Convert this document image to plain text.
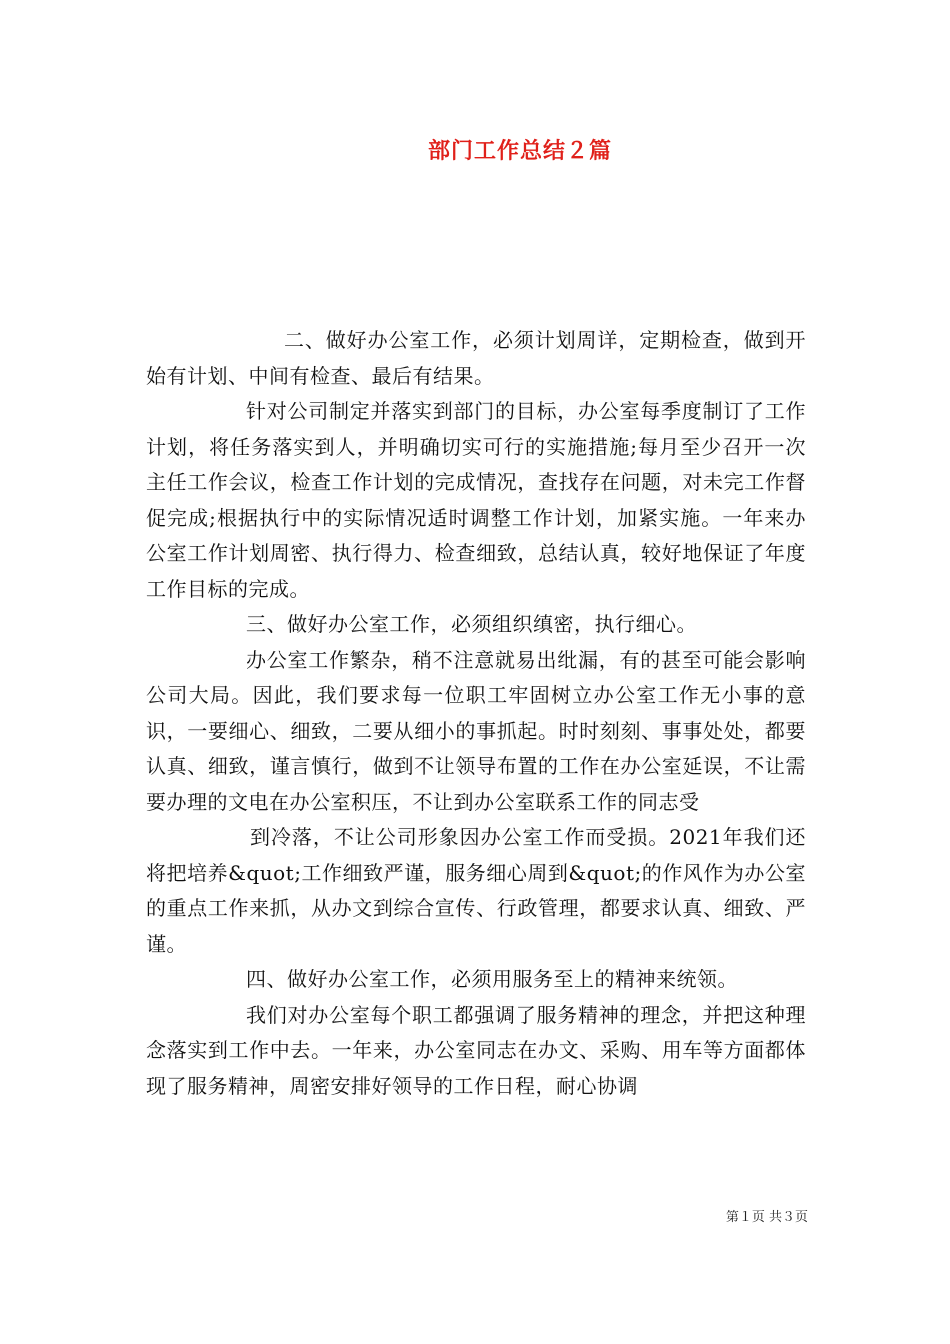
部门工作总结２篇

二、做好办公室工作，必须计划周详，定期检查，做到开始有计划、中间有检查、最后有结果。

针对公司制定并落实到部门的目标，办公室每季度制订了工作计划，将任务落实到人，并明确切实可行的实施措施;每月至少召开一次主任工作会议，检查工作计划的完成情况，查找存在问题，对未完工作督促完成;根据执行中的实际情况适时调整工作计划，加紧实施。一年来办公室工作计划周密、执行得力、检查细致，总结认真，较好地保证了年度工作目标的完成。

三、做好办公室工作，必须组织缜密，执行细心。

办公室工作繁杂，稍不注意就易出纰漏，有的甚至可能会影响公司大局。因此，我们要求每一位职工牢固树立办公室工作无小事的意识，一要细心、细致，二要从细小的事抓起。时时刻刻、事事处处，都要认真、细致，谨言慎行，做到不让领导布置的工作在办公室延误，不让需要办理的文电在办公室积压，不让到办公室联系工作的同志受

到冷落，不让公司形象因办公室工作而受损。2021年我们还将把培养&quot;工作细致严谨，服务细心周到&quot;的作风作为办公室的重点工作来抓，从办文到综合宣传、行政管理，都要求认真、细致、严谨。

四、做好办公室工作，必须用服务至上的精神来统领。

我们对办公室每个职工都强调了服务精神的理念，并把这种理念落实到工作中去。一年来，办公室同志在办文、采购、用车等方面都体现了服务精神，周密安排好领导的工作日程，耐心协调

第１页 共３页
